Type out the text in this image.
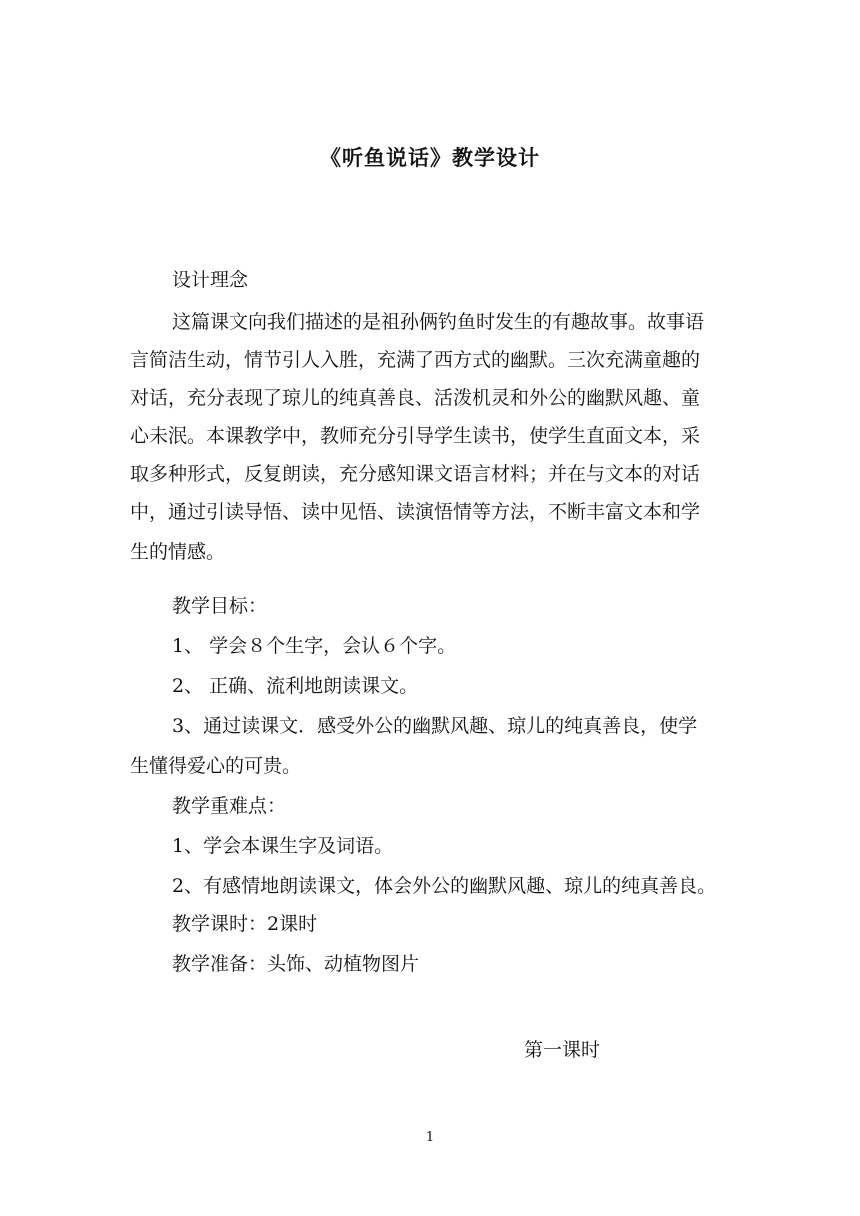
《听鱼说话》教学设计
设计理念
这篇课文向我们描述的是祖孙俩钓鱼时发生的有趣故事。故事语
言简洁生动，情节引人入胜，充满了西方式的幽默。三次充满童趣的
对话，充分表现了琼儿的纯真善良、活泼机灵和外公的幽默风趣、童
心未泯。本课教学中，教师充分引导学生读书，使学生直面文本，采
取多种形式，反复朗读，充分感知课文语言材料；并在与文本的对话
中，通过引读导悟、读中见悟、读演悟情等方法，不断丰富文本和学
生的情感。
教学目标：
1、 学会８个生字，会认６个字。
2、 正确、流利地朗读课文。
3、通过读课文．感受外公的幽默风趣、琼儿的纯真善良，使学
生懂得爱心的可贵。
教学重难点：
1、学会本课生字及词语。
2、有感情地朗读课文，体会外公的幽默风趣、琼儿的纯真善良。
教学课时：2课时
教学准备：头饰、动植物图片
第一课时
1
